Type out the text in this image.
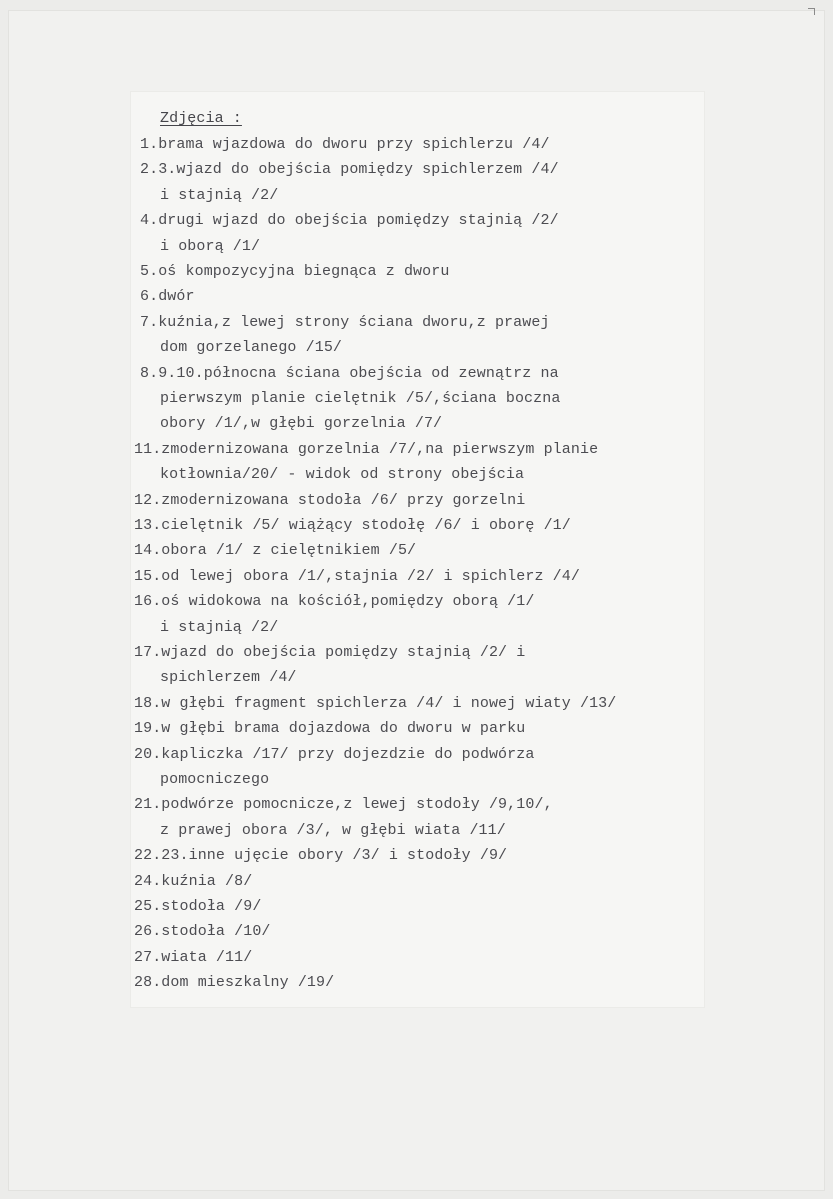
Zdjęcia :
1.brama wjazdowa do dworu przy spichlerzu /4/
2.3.wjazd do obejścia pomiędzy spichlerzem /4/
i stajnią /2/
4.drugi wjazd do obejścia pomiędzy stajnią /2/
i oborą /1/
5.oś kompozycyjna biegnąca z dworu
6.dwór
7.kuźnia,z lewej strony ściana dworu,z prawej
dom gorzelanego /15/
8.9.10.północna ściana obejścia od zewnątrz na
pierwszym planie cielętnik /5/,ściana boczna
obory /1/,w głębi gorzelnia /7/
11.zmodernizowana gorzelnia /7/,na pierwszym planie
kotłownia/20/ - widok od strony obejścia
12.zmodernizowana stodoła /6/ przy gorzelni
13.cielętnik /5/ wiążący stodołę /6/ i oborę /1/
14.obora /1/ z cielętnikiem /5/
15.od lewej obora /1/,stajnia /2/ i spichlerz /4/
16.oś widokowa na kościół,pomiędzy oborą /1/
i stajnią /2/
17.wjazd do obejścia pomiędzy stajnią /2/ i
spichlerzem /4/
18.w głębi fragment spichlerza /4/ i nowej wiaty /13/
19.w głębi brama dojazdowa do dworu w parku
20.kapliczka /17/ przy dojezdzie do podwórza
pomocniczego
21.podwórze pomocnicze,z lewej stodoły /9,10/,
z prawej obora /3/, w głębi wiata /11/
22.23.inne ujęcie obory /3/ i stodoły /9/
24.kuźnia /8/
25.stodoła /9/
26.stodoła /10/
27.wiata /11/
28.dom mieszkalny /19/
